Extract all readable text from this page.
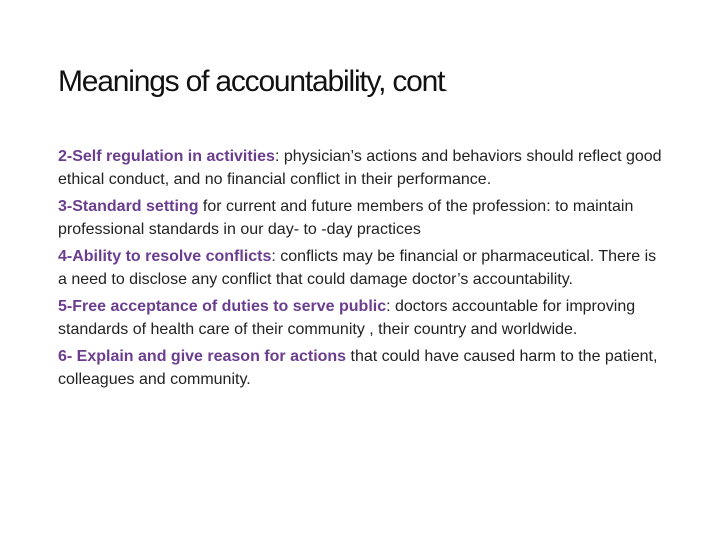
Meanings of accountability, cont.

2-Self regulation in activities: physician’s actions and behaviors should reflect good ethical conduct, and no financial conflict in their performance.

3-Standard setting for current and future members of the profession: to maintain professional standards in our day- to -day practices

4-Ability to resolve conflicts: conflicts may be financial or pharmaceutical. There is a need to disclose any conflict that could damage doctor’s accountability.

5-Free acceptance of duties to serve public: doctors accountable for improving standards of health care of their community , their country and worldwide.

6- Explain and give reason for actions that could have caused harm to the patient, colleagues and community.
